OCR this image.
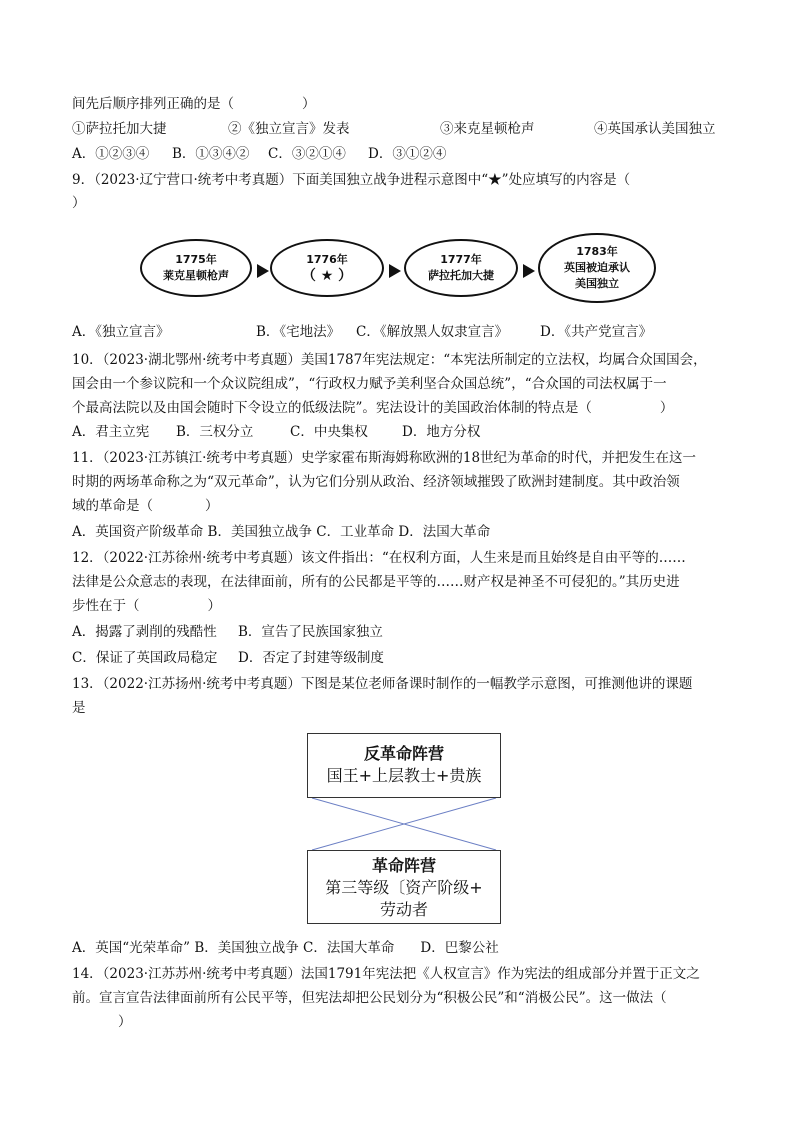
间先后顺序排列正确的是（	）
①萨拉托加大捷	②《独立宣言》发表	③来克星顿枪声	④英国承认美国独立
A．①②③④ B．①③④② C．③②①④ D．③①②④
9．（2023·辽宁营口·统考中考真题）下面美国独立战争进程示意图中“★”处应填写的内容是（
）
1775年
莱克星顿枪声
1776年
（ ★ ）
1777年
萨拉托加大捷
1783年
英国被迫承认
美国独立
A．《独立宣言》	B．《宅地法》 C．《解放黑人奴隶宣言》 D．《共产党宣言》
10．（2023·湖北鄂州·统考中考真题）美国1787年宪法规定：“本宪法所制定的立法权，均属合众国国会，
国会由一个参议院和一个众议院组成”，“行政权力赋予美利坚合众国总统”，“合众国的司法权属于一
个最高法院以及由国会随时下令设立的低级法院”。宪法设计的美国政治体制的特点是（	）
A．君主立宪 B．三权分立	C．中央集权	D．地方分权
11．（2023·江苏镇江·统考中考真题）史学家霍布斯海姆称欧洲的18世纪为革命的时代，并把发生在这一
时期的两场革命称之为“双元革命”，认为它们分别从政治、经济领域摧毁了欧洲封建制度。其中政治领
域的革命是（	）
A．英国资产阶级革命 B．美国独立战争 C．工业革命 D．法国大革命
12．（2022·江苏徐州·统考中考真题）该文件指出：“在权利方面，人生来是而且始终是自由平等的……
法律是公众意志的表现，在法律面前，所有的公民都是平等的……财产权是神圣不可侵犯的。”其历史进
步性在于（	）
A．揭露了剥削的残酷性 B．宣告了民族国家独立
C．保证了英国政局稳定 D．否定了封建等级制度
13．（2022·江苏扬州·统考中考真题）下图是某位老师备课时制作的一幅教学示意图，可推测他讲的课题
是
反革命阵营
国王+上层教士+贵族
革命阵营
第三等级〔资产阶级+
劳动者
A．英国“光荣革命” B．美国独立战争 C．法国大革命 D．巴黎公社
14．（2023·江苏苏州·统考中考真题）法国1791年宪法把《人权宣言》作为宪法的组成部分并置于正文之
前。宣言宣告法律面前所有公民平等，但宪法却把公民划分为“积极公民”和“消极公民”。这一做法（
）
